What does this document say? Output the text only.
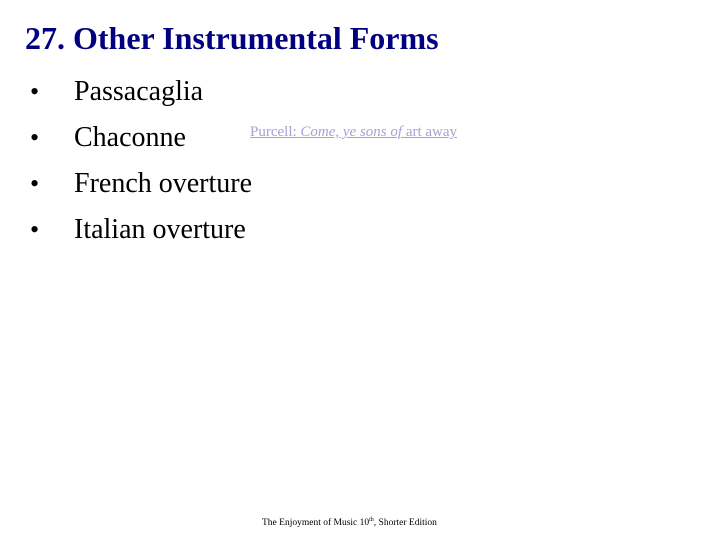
27. Other Instrumental Forms
• Passacaglia
• Chaconne
• French overture
• Italian overture
Purcell: Come, ye sons of art away
The Enjoyment of Music 10th, Shorter Edition
